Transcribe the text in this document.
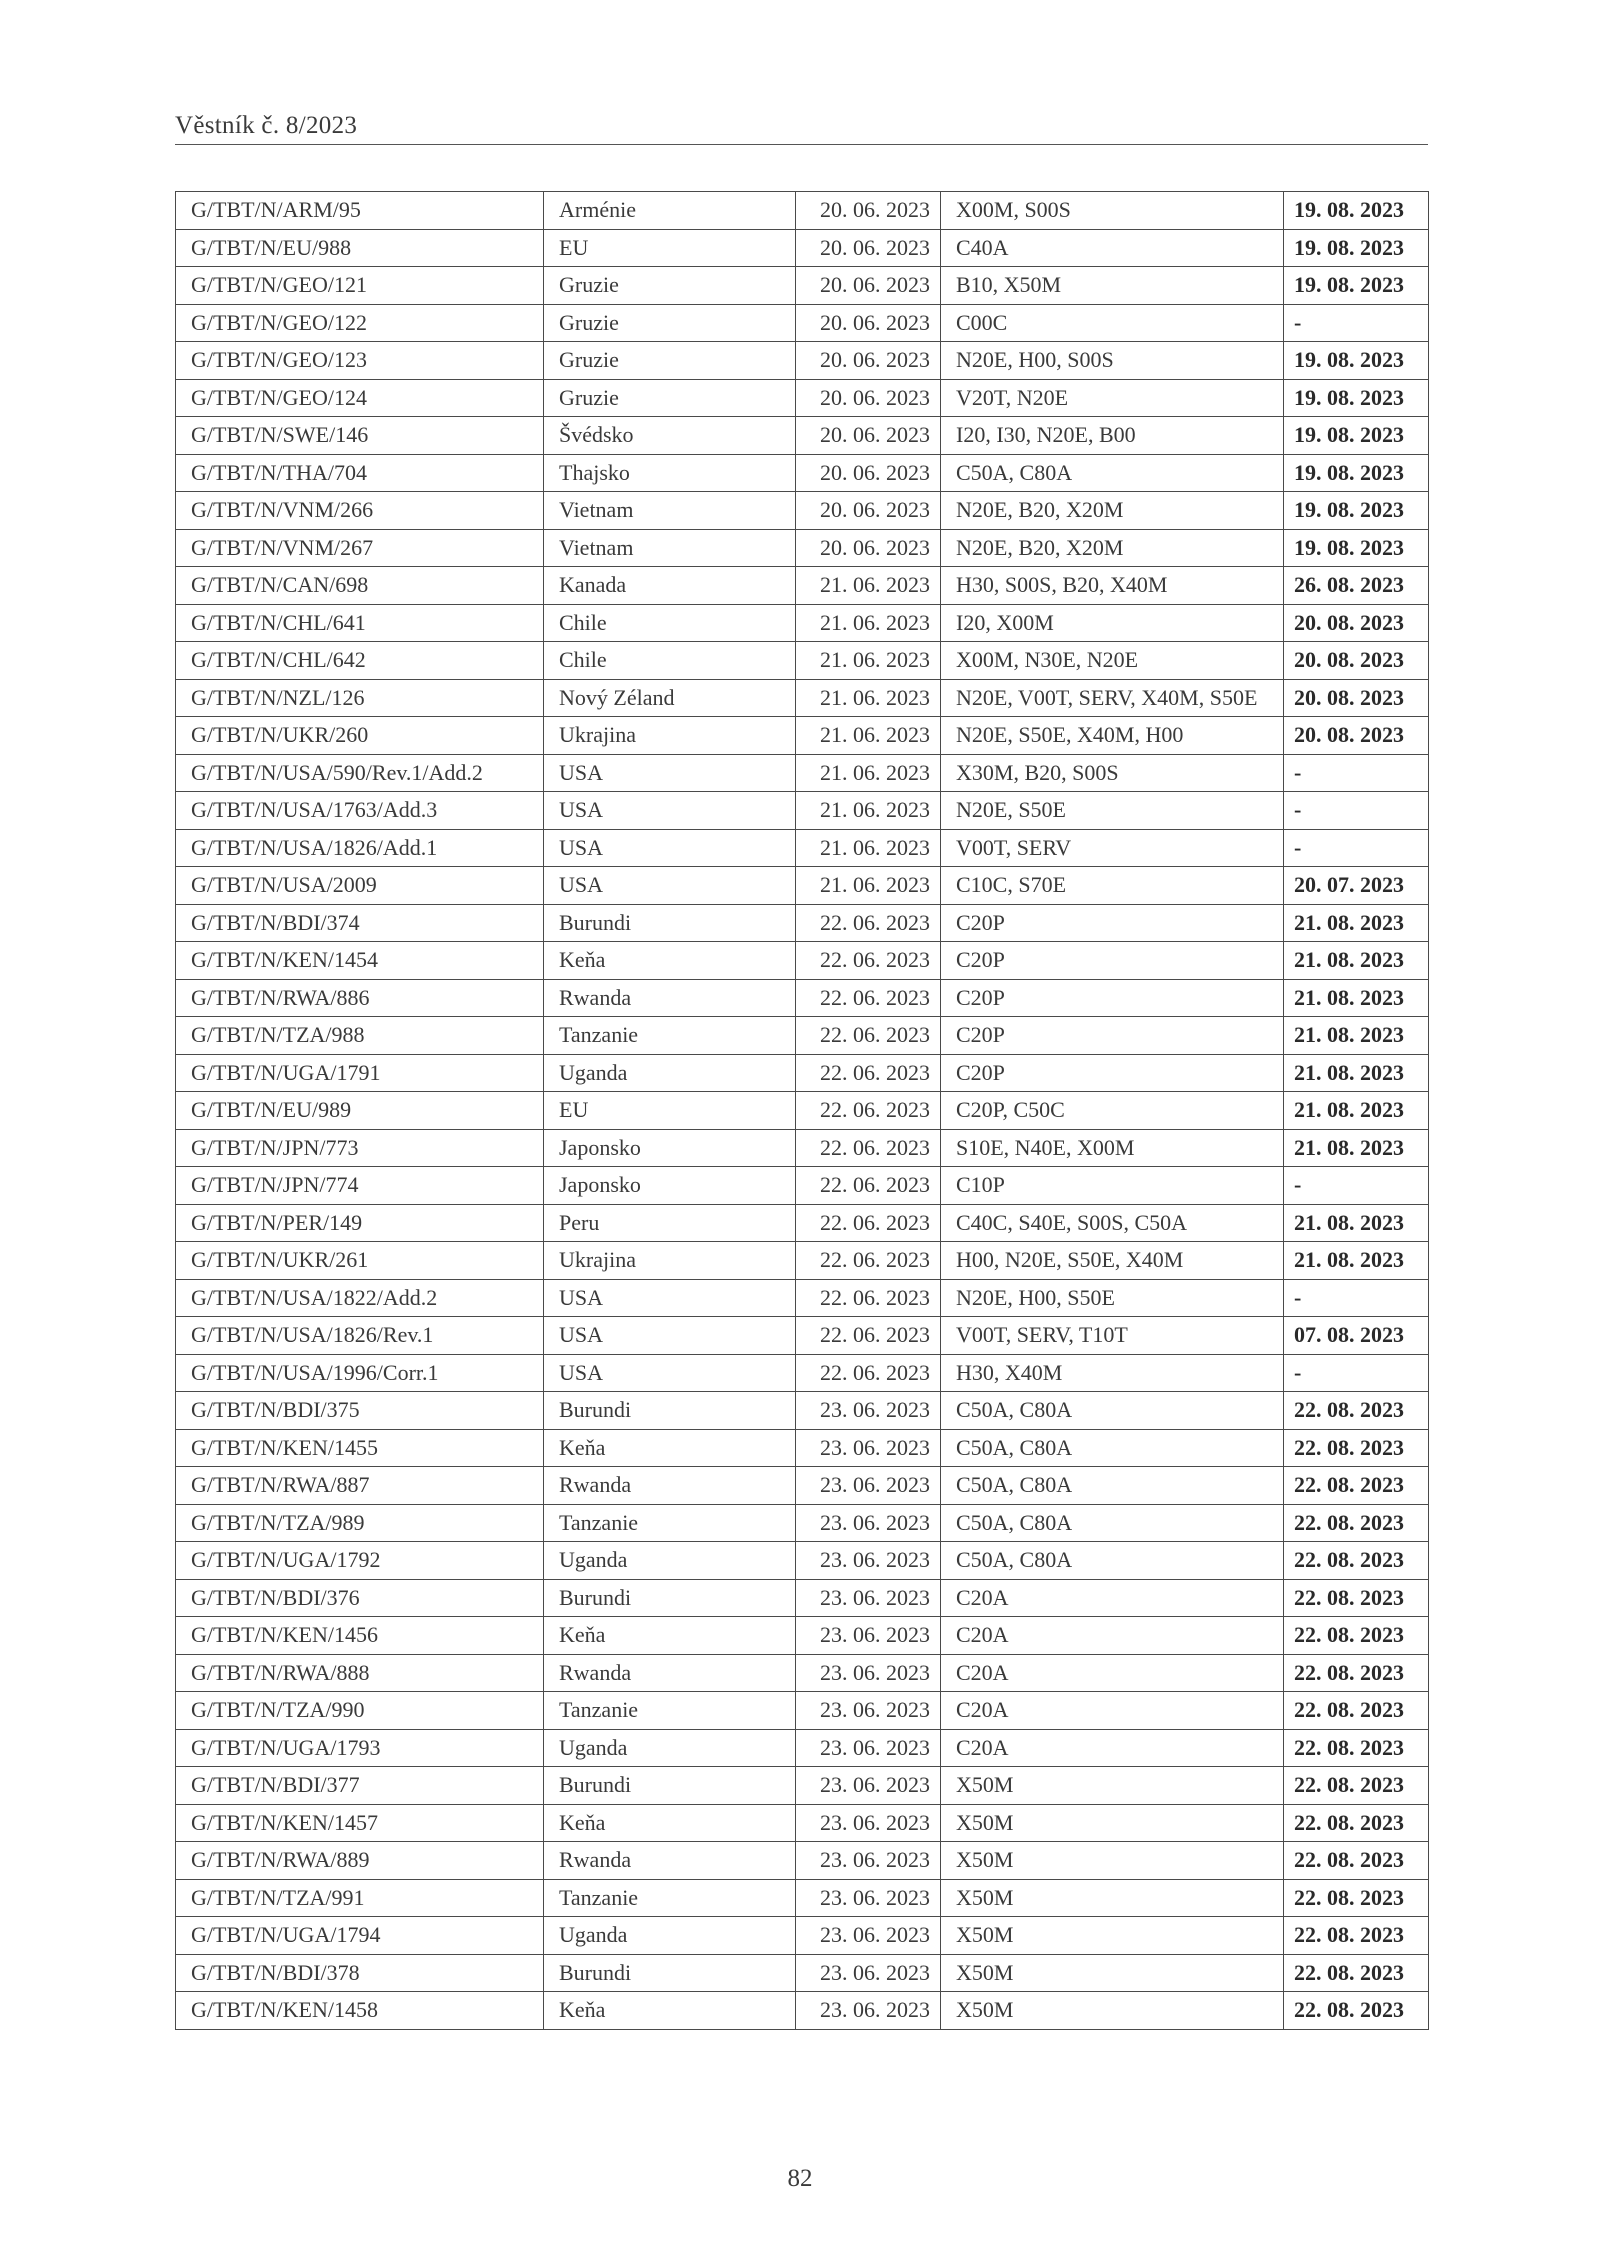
Věstník č. 8/2023
G/TBT/N/ARM/95	Arménie	20. 06. 2023	X00M, S00S	19. 08. 2023
G/TBT/N/EU/988	EU	20. 06. 2023	C40A	19. 08. 2023
G/TBT/N/GEO/121	Gruzie	20. 06. 2023	B10, X50M	19. 08. 2023
G/TBT/N/GEO/122	Gruzie	20. 06. 2023	C00C	-
G/TBT/N/GEO/123	Gruzie	20. 06. 2023	N20E, H00, S00S	19. 08. 2023
G/TBT/N/GEO/124	Gruzie	20. 06. 2023	V20T, N20E	19. 08. 2023
G/TBT/N/SWE/146	Švédsko	20. 06. 2023	I20, I30, N20E, B00	19. 08. 2023
G/TBT/N/THA/704	Thajsko	20. 06. 2023	C50A, C80A	19. 08. 2023
G/TBT/N/VNM/266	Vietnam	20. 06. 2023	N20E, B20, X20M	19. 08. 2023
G/TBT/N/VNM/267	Vietnam	20. 06. 2023	N20E, B20, X20M	19. 08. 2023
G/TBT/N/CAN/698	Kanada	21. 06. 2023	H30, S00S, B20, X40M	26. 08. 2023
G/TBT/N/CHL/641	Chile	21. 06. 2023	I20, X00M	20. 08. 2023
G/TBT/N/CHL/642	Chile	21. 06. 2023	X00M, N30E, N20E	20. 08. 2023
G/TBT/N/NZL/126	Nový Zéland	21. 06. 2023	N20E, V00T, SERV, X40M, S50E	20. 08. 2023
G/TBT/N/UKR/260	Ukrajina	21. 06. 2023	N20E, S50E, X40M, H00	20. 08. 2023
G/TBT/N/USA/590/Rev.1/Add.2	USA	21. 06. 2023	X30M, B20, S00S	-
G/TBT/N/USA/1763/Add.3	USA	21. 06. 2023	N20E, S50E	-
G/TBT/N/USA/1826/Add.1	USA	21. 06. 2023	V00T, SERV	-
G/TBT/N/USA/2009	USA	21. 06. 2023	C10C, S70E	20. 07. 2023
G/TBT/N/BDI/374	Burundi	22. 06. 2023	C20P	21. 08. 2023
G/TBT/N/KEN/1454	Keňa	22. 06. 2023	C20P	21. 08. 2023
G/TBT/N/RWA/886	Rwanda	22. 06. 2023	C20P	21. 08. 2023
G/TBT/N/TZA/988	Tanzanie	22. 06. 2023	C20P	21. 08. 2023
G/TBT/N/UGA/1791	Uganda	22. 06. 2023	C20P	21. 08. 2023
G/TBT/N/EU/989	EU	22. 06. 2023	C20P, C50C	21. 08. 2023
G/TBT/N/JPN/773	Japonsko	22. 06. 2023	S10E, N40E, X00M	21. 08. 2023
G/TBT/N/JPN/774	Japonsko	22. 06. 2023	C10P	-
G/TBT/N/PER/149	Peru	22. 06. 2023	C40C, S40E, S00S, C50A	21. 08. 2023
G/TBT/N/UKR/261	Ukrajina	22. 06. 2023	H00, N20E, S50E, X40M	21. 08. 2023
G/TBT/N/USA/1822/Add.2	USA	22. 06. 2023	N20E, H00, S50E	-
G/TBT/N/USA/1826/Rev.1	USA	22. 06. 2023	V00T, SERV, T10T	07. 08. 2023
G/TBT/N/USA/1996/Corr.1	USA	22. 06. 2023	H30, X40M	-
G/TBT/N/BDI/375	Burundi	23. 06. 2023	C50A, C80A	22. 08. 2023
G/TBT/N/KEN/1455	Keňa	23. 06. 2023	C50A, C80A	22. 08. 2023
G/TBT/N/RWA/887	Rwanda	23. 06. 2023	C50A, C80A	22. 08. 2023
G/TBT/N/TZA/989	Tanzanie	23. 06. 2023	C50A, C80A	22. 08. 2023
G/TBT/N/UGA/1792	Uganda	23. 06. 2023	C50A, C80A	22. 08. 2023
G/TBT/N/BDI/376	Burundi	23. 06. 2023	C20A	22. 08. 2023
G/TBT/N/KEN/1456	Keňa	23. 06. 2023	C20A	22. 08. 2023
G/TBT/N/RWA/888	Rwanda	23. 06. 2023	C20A	22. 08. 2023
G/TBT/N/TZA/990	Tanzanie	23. 06. 2023	C20A	22. 08. 2023
G/TBT/N/UGA/1793	Uganda	23. 06. 2023	C20A	22. 08. 2023
G/TBT/N/BDI/377	Burundi	23. 06. 2023	X50M	22. 08. 2023
G/TBT/N/KEN/1457	Keňa	23. 06. 2023	X50M	22. 08. 2023
G/TBT/N/RWA/889	Rwanda	23. 06. 2023	X50M	22. 08. 2023
G/TBT/N/TZA/991	Tanzanie	23. 06. 2023	X50M	22. 08. 2023
G/TBT/N/UGA/1794	Uganda	23. 06. 2023	X50M	22. 08. 2023
G/TBT/N/BDI/378	Burundi	23. 06. 2023	X50M	22. 08. 2023
G/TBT/N/KEN/1458	Keňa	23. 06. 2023	X50M	22. 08. 2023
82
